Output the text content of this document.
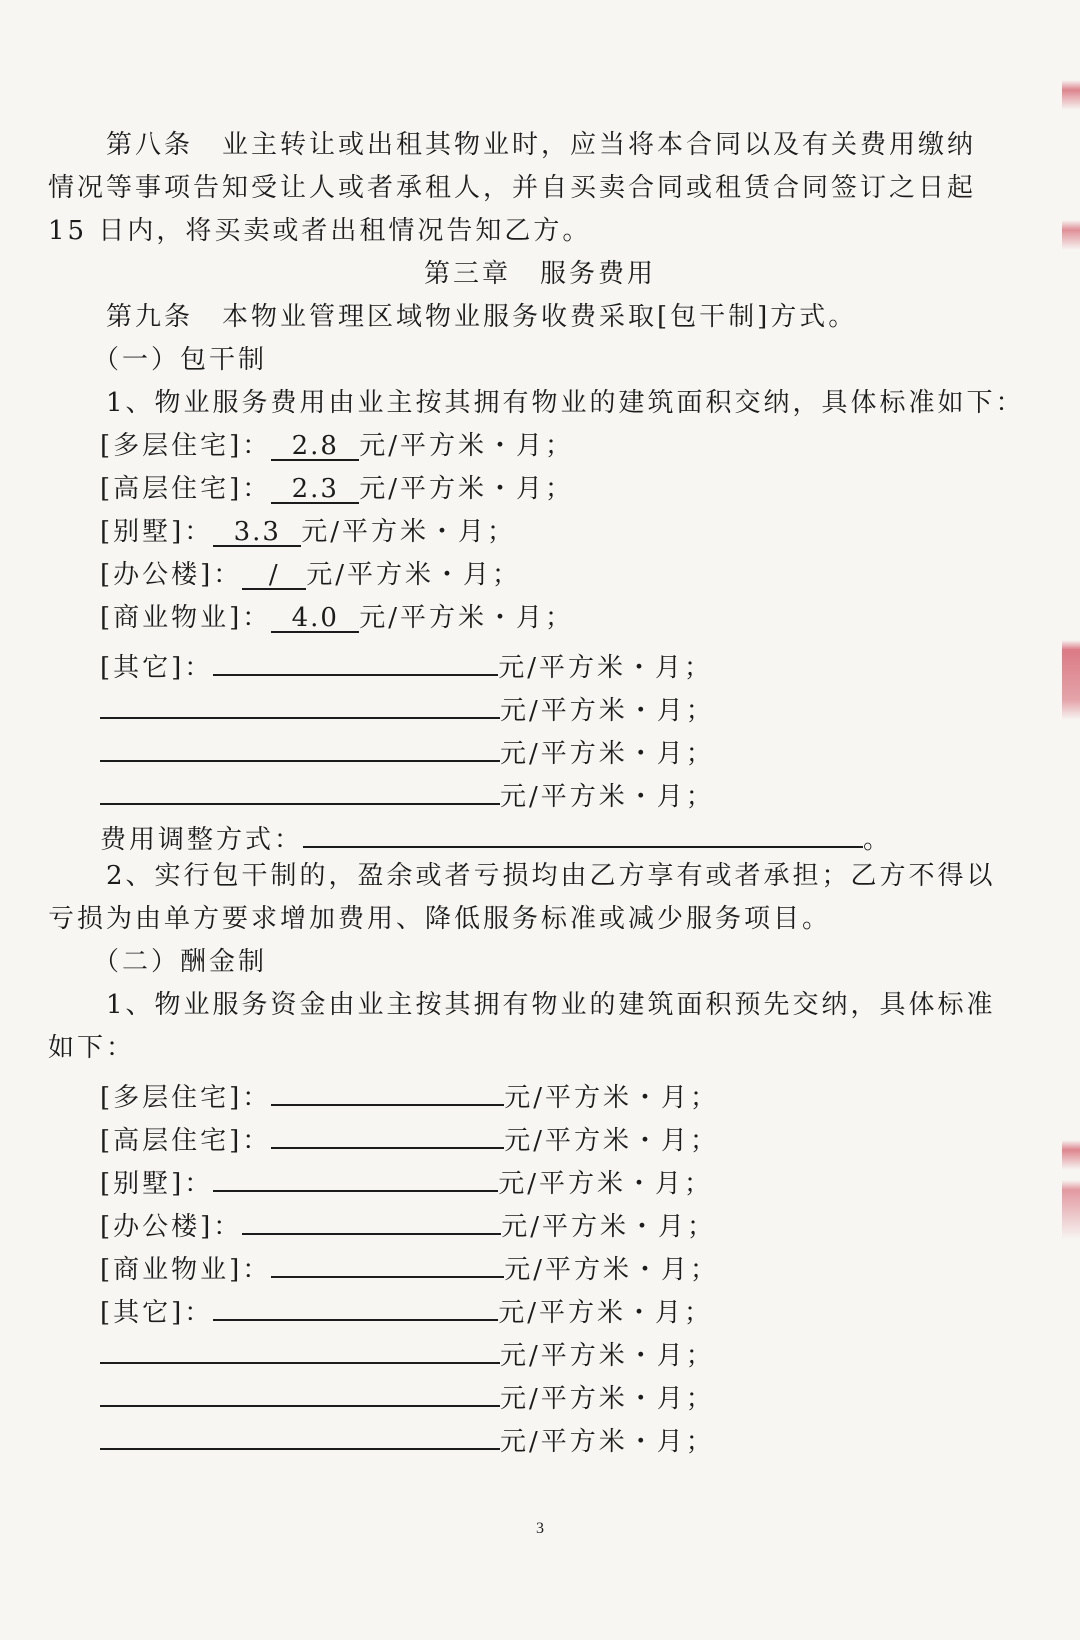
　　第八条　业主转让或出租其物业时，应当将本合同以及有关费用缴纳
情况等事项告知受让人或者承租人，并自买卖合同或租赁合同签订之日起
15 日内，将买卖或者出租情况告知乙方。
第三章　服务费用
　　第九条　本物业管理区域物业服务收费采取[包干制]方式。
　　（一）包干制
　　1、物业服务费用由业主按其拥有物业的建筑面积交纳，具体标准如下：
[多层住宅]： 2.8 元/平方米・月；
[高层住宅]： 2.3 元/平方米・月；
[别墅]： 3.3 元/平方米・月；
[办公楼]： / 元/平方米・月；
[商业物业]： 4.0 元/平方米・月；
[其它]：	元/平方米・月；
元/平方米・月；
元/平方米・月；
元/平方米・月；
费用调整方式：	。
　　2、实行包干制的，盈余或者亏损均由乙方享有或者承担；乙方不得以
亏损为由单方要求增加费用、降低服务标准或减少服务项目。
　　（二）酬金制
　　1、物业服务资金由业主按其拥有物业的建筑面积预先交纳，具体标准
如下：
[多层住宅]：	元/平方米・月；
[高层住宅]：	元/平方米・月；
[别墅]：	元/平方米・月；
[办公楼]：	元/平方米・月；
[商业物业]：	元/平方米・月；
[其它]：	元/平方米・月；
元/平方米・月；
元/平方米・月；
元/平方米・月；
3
